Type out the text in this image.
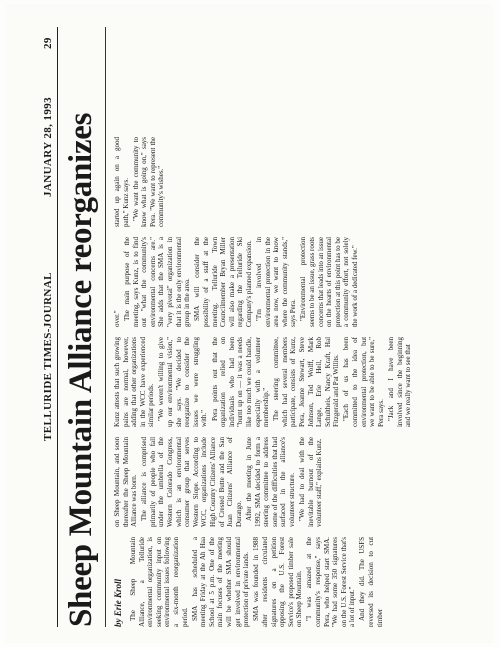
TELLURIDE TIMES-JOURNAL
JANUARY 28, 1993
29
Sheep Mountain Alliance reorganizes by Erie Kroll The Sheep Mountain Alliance, a Telluride environmental organization, is seeking community input on environmental issues following a six-month reorganization period. SMA has scheduled a meeting Friday at the Ah Haa School at 5 p.m. One of the main focuses of the meeting will be whether SMA should get involved in environmental protection of private lands. SMA was founded in 1988 after residents circulated signatures on a petition opposing the U.S. Forest Service's proposed timber sale on Sheep Mountain. "I was amazed at the community's response," says Pera, who helped start SMA. "We had some 350 signatures on the U.S. Forest Service that's a lot of input." And they did. The USFS reversed its decision to cut timber

on Sheep Mountain, and soon thereafter the Sheep Mountain Alliance was born. The alliance is comprised primarily of people who fall under the umbrella of the Western Colorado Congress, which is an environmental consumer group that serves Western Slope. According to WCC, organizations include High Country Citizens' Alliance of Crested Butte and the San Juan Citizens' Alliance of Durango. After the meeting in June 1992, SMA decided to form a steering committee to address some of the difficulties that had surfaced in the alliance's volunteer structure. "We had to deal with the inevitable burnout of the volunteer staff," explains Kunz.

Kunz attests that such growing pains are normal, however, adding that other organizations in the WCC have experienced similar periods. "We weren't willing to give up our environmental vision," she says. "We decided to reorganize to consider the issues we were struggling with." Pera points out that the organization relied on individuals who had been "burnt up on — it was a needs like too much we could handle, especially with a volunteer membership." The steering committee, which had several members participate, consists of Kunz, Pera, Jeanne Stewart, Steve Johnson, Ted Wolff, Mark Lange, Erie Heil, Rob Schultheis, Nancy Kraft, Hal Fitzgerald and Pat Willits. "Each of us has been committed to the idea of environmental protection, but we want to be able to be sure," Pera says. "Jack and I have been involved since the beginning and we really want to see that

over." The main purpose of the meeting, says Kunz, is to find out "what the community's environmental concerns are." She adds that the SMA is a "very pivotal" organization in that it is the only environmental group in the area. SMA will consider the possibility of a staff at the meeting. Telluride Town Councilmember Bryan Miller will also make a presentation regarding the Telluride Ski Company's planned expansion. "I'm involved in environmental protection in the area now, we want to know where the community stands," says Pera. "Environmental protection seems to be an issue, grass roots concerns that leads into an issue on the hearts of environmental protection at this point has to be a community effort, not solely the work of a dedicated few."

started up again on a good path," Kunz says. "We want the community to know what is going on," says Pera. "We want to represent the community's wishes."
